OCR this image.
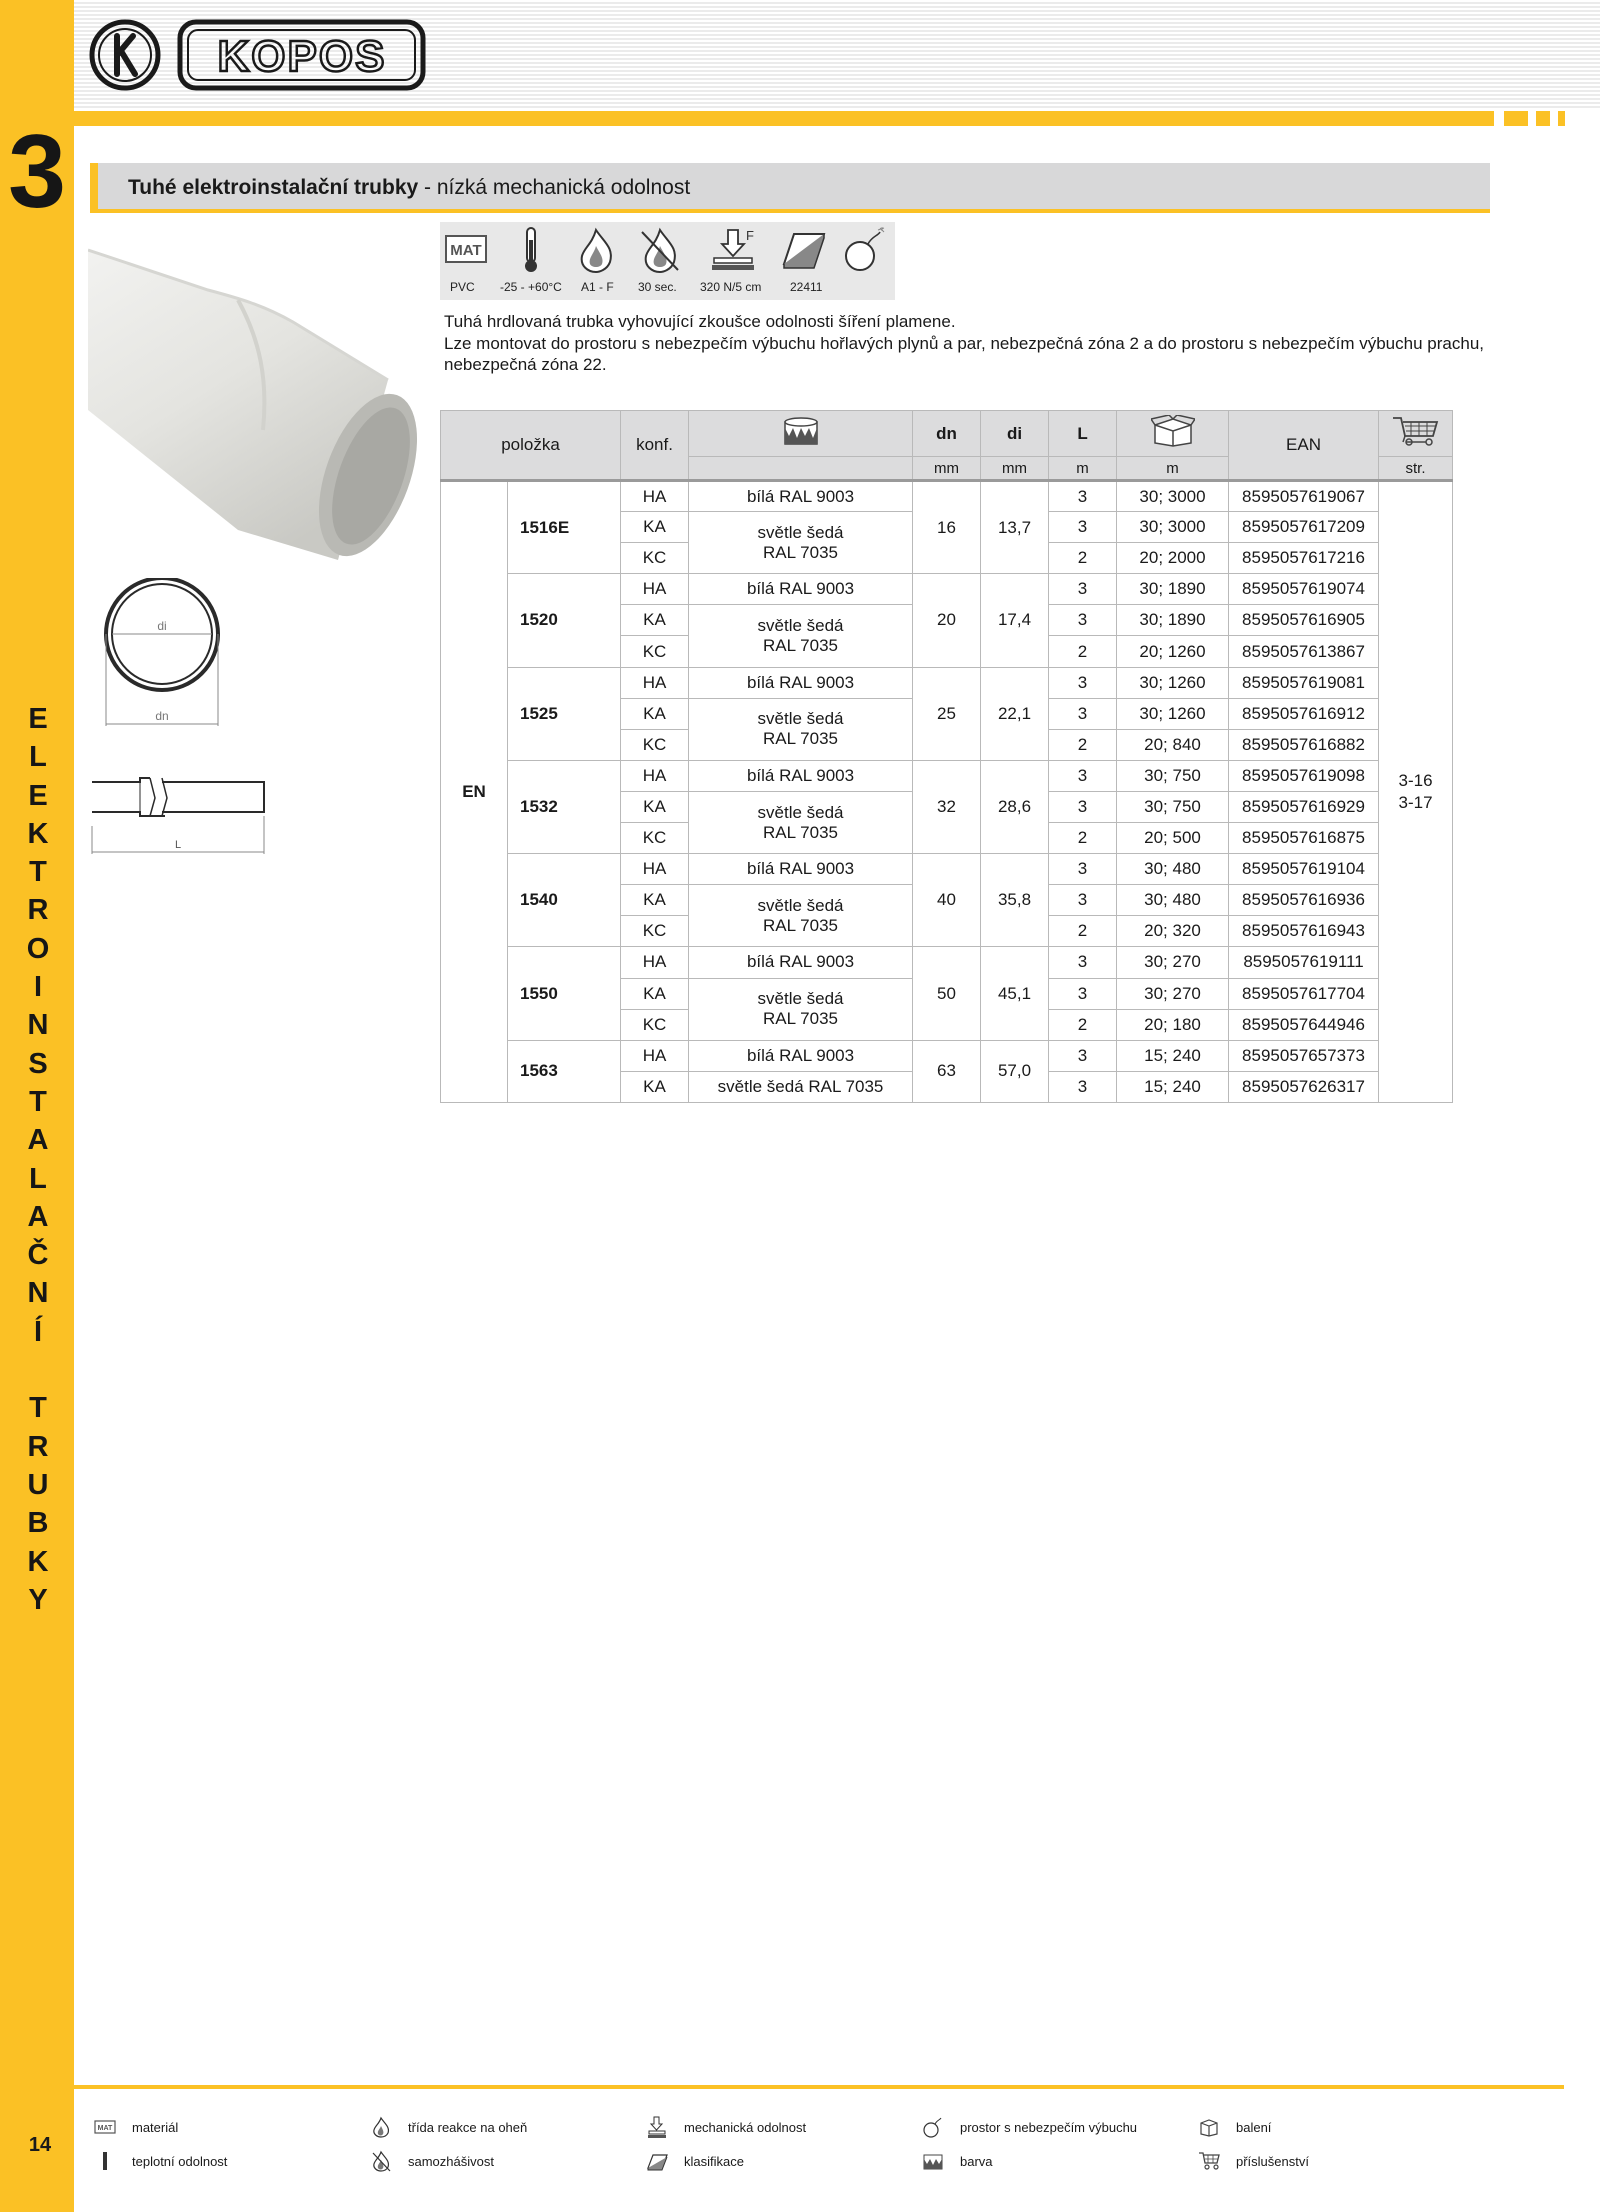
3
E
L
E
K
T
R
O
I
N
S
T
A
L
A
Č
N
Í
T
R
U
B
K
Y
14
KOPOS
Tuhé elektroinstalační trubky - nízká mechanická odolnost
di
dn
L
MAT
F
PVC -25 - +60°C A1 - F 30 sec. 320 N/5 cm 22411

Tuhá hrdlovaná trubka vyhovující zkoušce odolnosti šíření plamene.

Lze montovat do prostoru s nebezpečím výbuchu hořlavých plynů a par, nebezpečná zóna 2 a do prostoru s nebezpečím výbuchu prachu, nebezpečná zóna 22.

položka		konf.		dn	di	L		EAN	
				mm	mm	m	m		str.
EN	1516E	HA	bílá RAL 9003	16	13,7	3	30; 3000	8595057619067	3-16
3-17

		KA	světle šedá
RAL 7035			3	30; 3000	8595057617209	
		KC				2	20; 2000	8595057617216	
	1520	HA	bílá RAL 9003	20	17,4	3	30; 1890	8595057619074	
		KA	světle šedá
RAL 7035			3	30; 1890	8595057616905	
		KC				2	20; 1260	8595057613867	
	1525	HA	bílá RAL 9003	25	22,1	3	30; 1260	8595057619081	
		KA	světle šedá
RAL 7035			3	30; 1260	8595057616912	
		KC				2	20; 840	8595057616882	
	1532	HA	bílá RAL 9003	32	28,6	3	30; 750	8595057619098	
		KA	světle šedá
RAL 7035			3	30; 750	8595057616929	
		KC				2	20; 500	8595057616875	
	1540	HA	bílá RAL 9003	40	35,8	3	30; 480	8595057619104	
		KA	světle šedá
RAL 7035			3	30; 480	8595057616936	
		KC				2	20; 320	8595057616943	
	1550	HA	bílá RAL 9003	50	45,1	3	30; 270	8595057619111	
		KA	světle šedá
RAL 7035			3	30; 270	8595057617704	
		KC				2	20; 180	8595057644946	
	1563	HA	bílá RAL 9003	63	57,0	3	15; 240	8595057657373	
		KA	světle šedá RAL 7035			3	15; 240	8595057626317	
MAT materiál
teplotní odolnost
třída reakce na oheň
samozhášivost
mechanická odolnost
klasifikace
prostor s nebezpečím výbuchu
barva
balení
příslušenství
